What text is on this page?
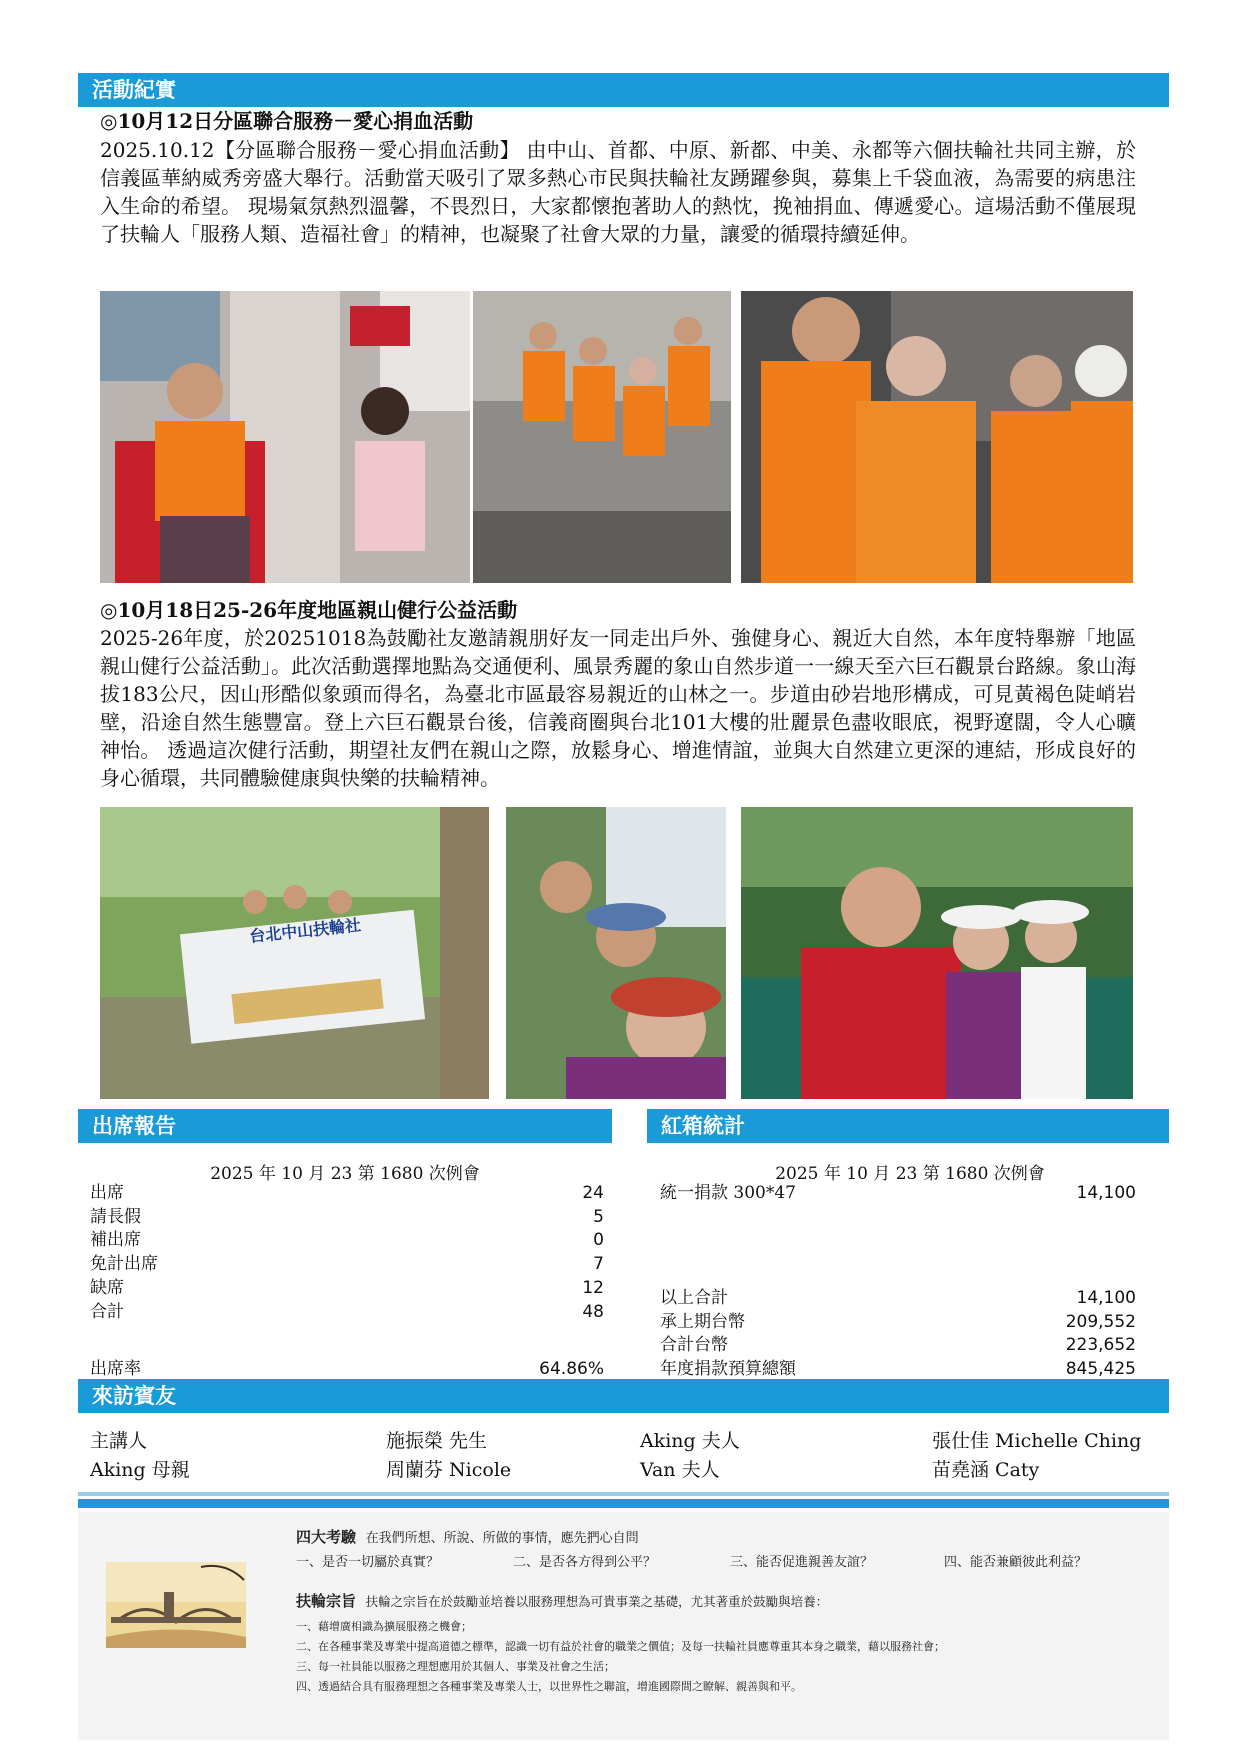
活動紀實
◎10月12日分區聯合服務－愛心捐血活動

2025.10.12【分區聯合服務－愛心捐血活動】 由中山、首都、中原、新都、中美、永都等六個扶輪社共同主辦，於信義區華納威秀旁盛大舉行。活動當天吸引了眾多熱心市民與扶輪社友踴躍參與，募集上千袋血液，為需要的病患注入生命的希望。 現場氣氛熱烈溫馨，不畏烈日，大家都懷抱著助人的熱忱，挽袖捐血、傳遞愛心。這場活動不僅展現了扶輪人「服務人類、造福社會」的精神，也凝聚了社會大眾的力量，讓愛的循環持續延伸。

◎10月18日25-26年度地區親山健行公益活動

2025-26年度，於20251018為鼓勵社友邀請親朋好友一同走出戶外、強健身心、親近大自然，本年度特舉辦「地區親山健行公益活動」。此次活動選擇地點為交通便利、風景秀麗的象山自然步道一一線天至六巨石觀景台路線。象山海拔183公尺，因山形酷似象頭而得名，為臺北市區最容易親近的山林之一。步道由砂岩地形構成，可見黃褐色陡峭岩壁，沿途自然生態豐富。登上六巨石觀景台後，信義商圈與台北101大樓的壯麗景色盡收眼底，視野遼闊，令人心曠神怡。 透過這次健行活動，期望社友們在親山之際，放鬆身心、增進情誼，並與大自然建立更深的連結，形成良好的身心循環，共同體驗健康與快樂的扶輪精神。

台北中山扶輪社
出席報告
2025 年 10 月 23 第 1680 次例會
出席	24
請長假	5
補出席	0
免計出席	7
缺席	12
合計	48
出席率	64.86%
紅箱統計
2025 年 10 月 23 第 1680 次例會
統一捐款 300*47	14,100
以上合計	14,100
承上期台幣	209,552
合計台幣	223,652
年度捐款預算總額	845,425
來訪賓友
主講人	施振榮 先生	Aking 夫人	張仕佳 Michelle Ching
Aking 母親	周蘭芬 Nicole	Van 夫人	苗堯涵 Caty
四大考驗 在我們所想、所說、所做的事情，應先捫心自問
一、是否一切屬於真實？	二、是否各方得到公平？	三、能否促進親善友誼？	四、能否兼顧彼此利益？
扶輪宗旨 扶輪之宗旨在於鼓勵並培養以服務理想為可貴事業之基礎，尤其著重於鼓勵與培養：
一、藉增廣相識為擴展服務之機會；
二、在各種事業及專業中提高道德之標準，認識一切有益於社會的職業之價值；及每一扶輪社員應尊重其本身之職業，藉以服務社會；
三、每一社員能以服務之理想應用於其個人、事業及社會之生活；
四、透過結合具有服務理想之各種事業及專業人士，以世界性之聯誼，增進國際間之瞭解、親善與和平。
